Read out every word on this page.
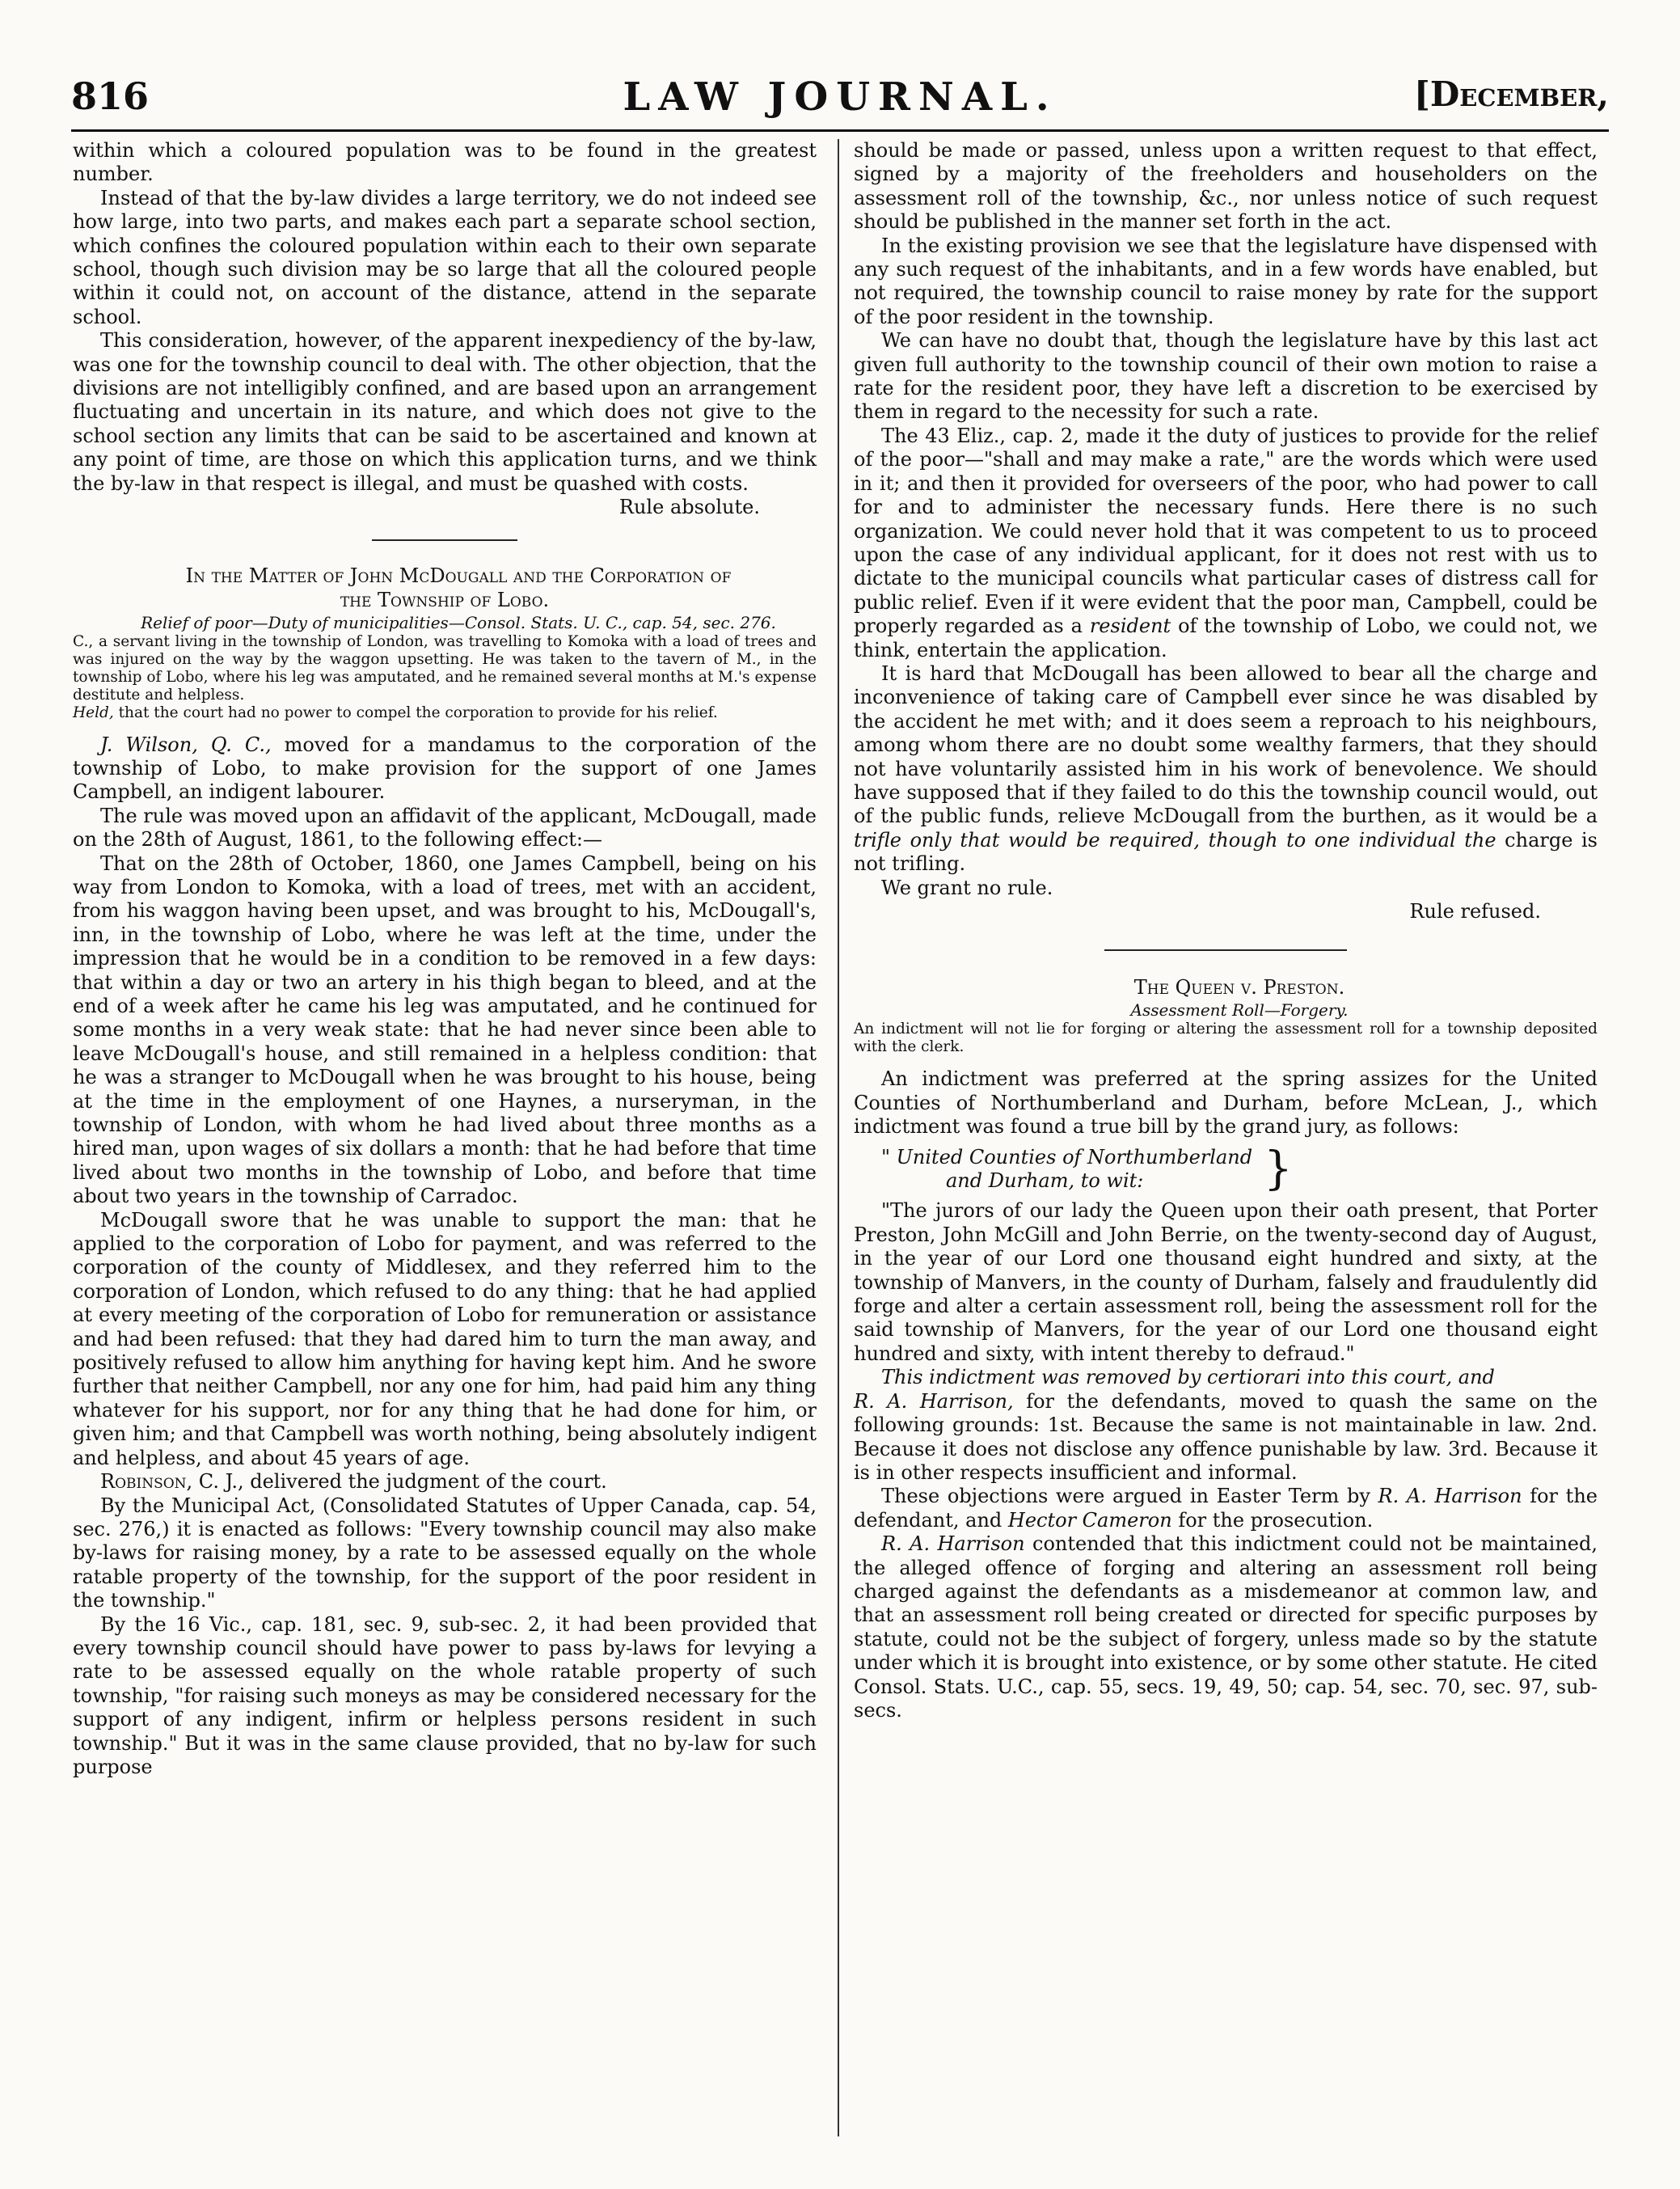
816	LAW JOURNAL.	[December,

within which a coloured population was to be found in the greatest number.

Instead of that the by-law divides a large territory, we do not indeed see how large, into two parts, and makes each part a separate school section, which confines the coloured population within each to their own separate school, though such division may be so large that all the coloured people within it could not, on account of the distance, attend in the separate school.

This consideration, however, of the apparent inexpediency of the by-law, was one for the township council to deal with. The other objection, that the divisions are not intelligibly confined, and are based upon an arrangement fluctuating and uncertain in its nature, and which does not give to the school section any limits that can be said to be ascertained and known at any point of time, are those on which this application turns, and we think the by-law in that respect is illegal, and must be quashed with costs.

Rule absolute.

In the Matter of John McDougall and the Corporation of
the Township of Lobo.

Relief of poor—Duty of municipalities—Consol. Stats. U. C., cap. 54, sec. 276.

C., a servant living in the township of London, was travelling to Komoka with a load of trees and was injured on the way by the waggon upsetting. He was taken to the tavern of M., in the township of Lobo, where his leg was amputated, and he remained several months at M.'s expense destitute and helpless.

Held, that the court had no power to compel the corporation to provide for his relief.

J. Wilson, Q. C., moved for a mandamus to the corporation of the township of Lobo, to make provision for the support of one James Campbell, an indigent labourer.

The rule was moved upon an affidavit of the applicant, McDougall, made on the 28th of August, 1861, to the following effect:—

That on the 28th of October, 1860, one James Campbell, being on his way from London to Komoka, with a load of trees, met with an accident, from his waggon having been upset, and was brought to his, McDougall's, inn, in the township of Lobo, where he was left at the time, under the impression that he would be in a condition to be removed in a few days: that within a day or two an artery in his thigh began to bleed, and at the end of a week after he came his leg was amputated, and he continued for some months in a very weak state: that he had never since been able to leave McDougall's house, and still remained in a helpless condition: that he was a stranger to McDougall when he was brought to his house, being at the time in the employment of one Haynes, a nurseryman, in the township of London, with whom he had lived about three months as a hired man, upon wages of six dollars a month: that he had before that time lived about two months in the township of Lobo, and before that time about two years in the township of Carradoc.

McDougall swore that he was unable to support the man: that he applied to the corporation of Lobo for payment, and was referred to the corporation of the county of Middlesex, and they referred him to the corporation of London, which refused to do any thing: that he had applied at every meeting of the corporation of Lobo for remuneration or assistance and had been refused: that they had dared him to turn the man away, and positively refused to allow him anything for having kept him. And he swore further that neither Campbell, nor any one for him, had paid him any thing whatever for his support, nor for any thing that he had done for him, or given him; and that Campbell was worth nothing, being absolutely indigent and helpless, and about 45 years of age.

Robinson, C. J., delivered the judgment of the court.

By the Municipal Act, (Consolidated Statutes of Upper Canada, cap. 54, sec. 276,) it is enacted as follows: "Every township council may also make by-laws for raising money, by a rate to be assessed equally on the whole ratable property of the township, for the support of the poor resident in the township."

By the 16 Vic., cap. 181, sec. 9, sub-sec. 2, it had been provided that every township council should have power to pass by-laws for levying a rate to be assessed equally on the whole ratable property of such township, "for raising such moneys as may be considered necessary for the support of any indigent, infirm or helpless persons resident in such township." But it was in the same clause provided, that no by-law for such purpose

should be made or passed, unless upon a written request to that effect, signed by a majority of the freeholders and householders on the assessment roll of the township, &c., nor unless notice of such request should be published in the manner set forth in the act.

In the existing provision we see that the legislature have dispensed with any such request of the inhabitants, and in a few words have enabled, but not required, the township council to raise money by rate for the support of the poor resident in the township.

We can have no doubt that, though the legislature have by this last act given full authority to the township council of their own motion to raise a rate for the resident poor, they have left a discretion to be exercised by them in regard to the necessity for such a rate.

The 43 Eliz., cap. 2, made it the duty of justices to provide for the relief of the poor—"shall and may make a rate," are the words which were used in it; and then it provided for overseers of the poor, who had power to call for and to administer the necessary funds. Here there is no such organization. We could never hold that it was competent to us to proceed upon the case of any individual applicant, for it does not rest with us to dictate to the municipal councils what particular cases of distress call for public relief. Even if it were evident that the poor man, Campbell, could be properly regarded as a resident of the township of Lobo, we could not, we think, entertain the application.

It is hard that McDougall has been allowed to bear all the charge and inconvenience of taking care of Campbell ever since he was disabled by the accident he met with; and it does seem a reproach to his neighbours, among whom there are no doubt some wealthy farmers, that they should not have voluntarily assisted him in his work of benevolence. We should have supposed that if they failed to do this the township council would, out of the public funds, relieve McDougall from the burthen, as it would be a trifle only that would be required, though to one individual the charge is not trifling.

We grant no rule.

Rule refused.

The Queen v. Preston.

Assessment Roll—Forgery.

An indictment will not lie for forging or altering the assessment roll for a township deposited with the clerk.

An indictment was preferred at the spring assizes for the United Counties of Northumberland and Durham, before McLean, J., which indictment was found a true bill by the grand jury, as follows:

" United Counties of Northumberland
and Durham, to wit:	}

"The jurors of our lady the Queen upon their oath present, that Porter Preston, John McGill and John Berrie, on the twenty-second day of August, in the year of our Lord one thousand eight hundred and sixty, at the township of Manvers, in the county of Durham, falsely and fraudulently did forge and alter a certain assessment roll, being the assessment roll for the said township of Manvers, for the year of our Lord one thousand eight hundred and sixty, with intent thereby to defraud."

This indictment was removed by certiorari into this court, and
R. A. Harrison, for the defendants, moved to quash the same on the following grounds: 1st. Because the same is not maintainable in law. 2nd. Because it does not disclose any offence punishable by law. 3rd. Because it is in other respects insufficient and informal.

These objections were argued in Easter Term by R. A. Harrison for the defendant, and Hector Cameron for the prosecution.

R. A. Harrison contended that this indictment could not be maintained, the alleged offence of forging and altering an assessment roll being charged against the defendants as a misdemeanor at common law, and that an assessment roll being created or directed for specific purposes by statute, could not be the subject of forgery, unless made so by the statute under which it is brought into existence, or by some other statute. He cited Consol. Stats. U.C., cap. 55, secs. 19, 49, 50; cap. 54, sec. 70, sec. 97, sub-secs.
